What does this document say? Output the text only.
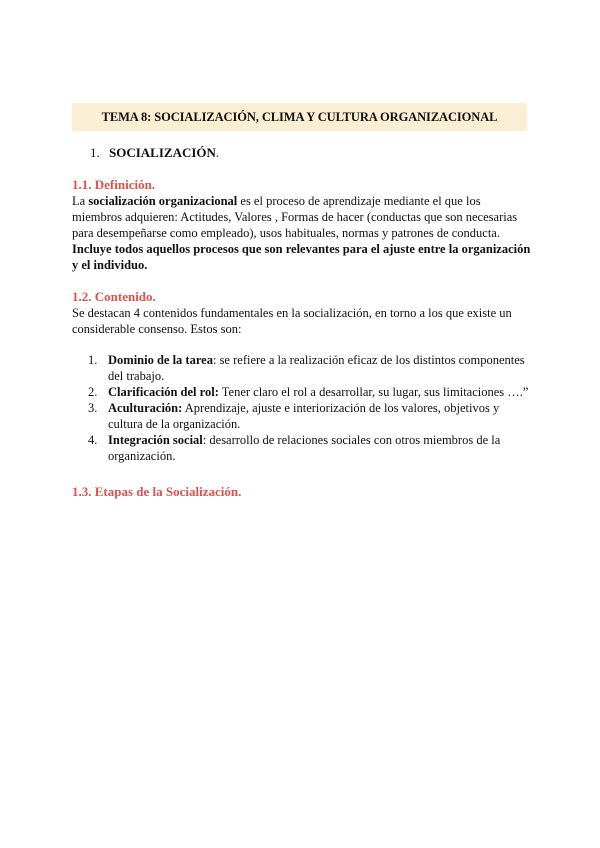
TEMA 8: SOCIALIZACIÓN, CLIMA Y CULTURA ORGANIZACIONAL
1. SOCIALIZACIÓN.
1.1. Definición.
La socialización organizacional es el proceso de aprendizaje mediante el que los miembros adquieren: Actitudes, Valores , Formas de hacer (conductas que son necesarias para desempeñarse como empleado), usos habituales, normas y patrones de conducta.
Incluye todos aquellos procesos que son relevantes para el ajuste entre la organización y el individuo.
1.2. Contenido.
Se destacan 4 contenidos fundamentales en la socialización, en torno a los que existe un considerable consenso. Estos son:
1. Dominio de la tarea: se refiere a la realización eficaz de los distintos componentes del trabajo.
2. Clarificación del rol: Tener claro el rol a desarrollar, su lugar, sus limitaciones ….”
3. Aculturación: Aprendizaje, ajuste e interiorización de los valores, objetivos y cultura de la organización.
4. Integración social: desarrollo de relaciones sociales con otros miembros de la organización.
1.3. Etapas de la Socialización.
